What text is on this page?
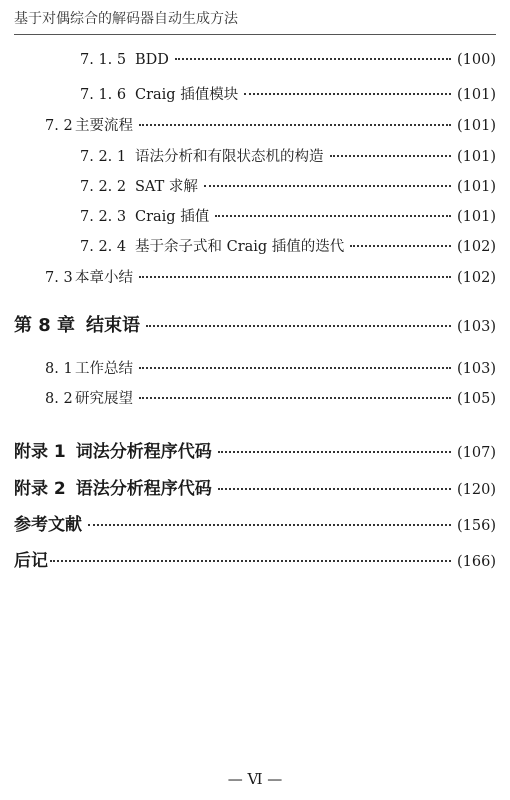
基于对偶综合的解码器自动生成方法
7. 1. 5 BDD	(100)
7. 1. 6 Craig 插值模块	(101)
7. 2 主要流程	(101)
7. 2. 1 语法分析和有限状态机的构造	(101)
7. 2. 2 SAT 求解	(101)
7. 2. 3 Craig 插值	(101)
7. 2. 4 基于余子式和 Craig 插值的迭代	(102)
7. 3 本章小结	(102)
第 8 章 结束语	(103)
8. 1 工作总结	(103)
8. 2 研究展望	(105)
附录 1 词法分析程序代码	(107)
附录 2 语法分析程序代码	(120)
参考文献	(156)
后记	(166)
— Ⅵ —
